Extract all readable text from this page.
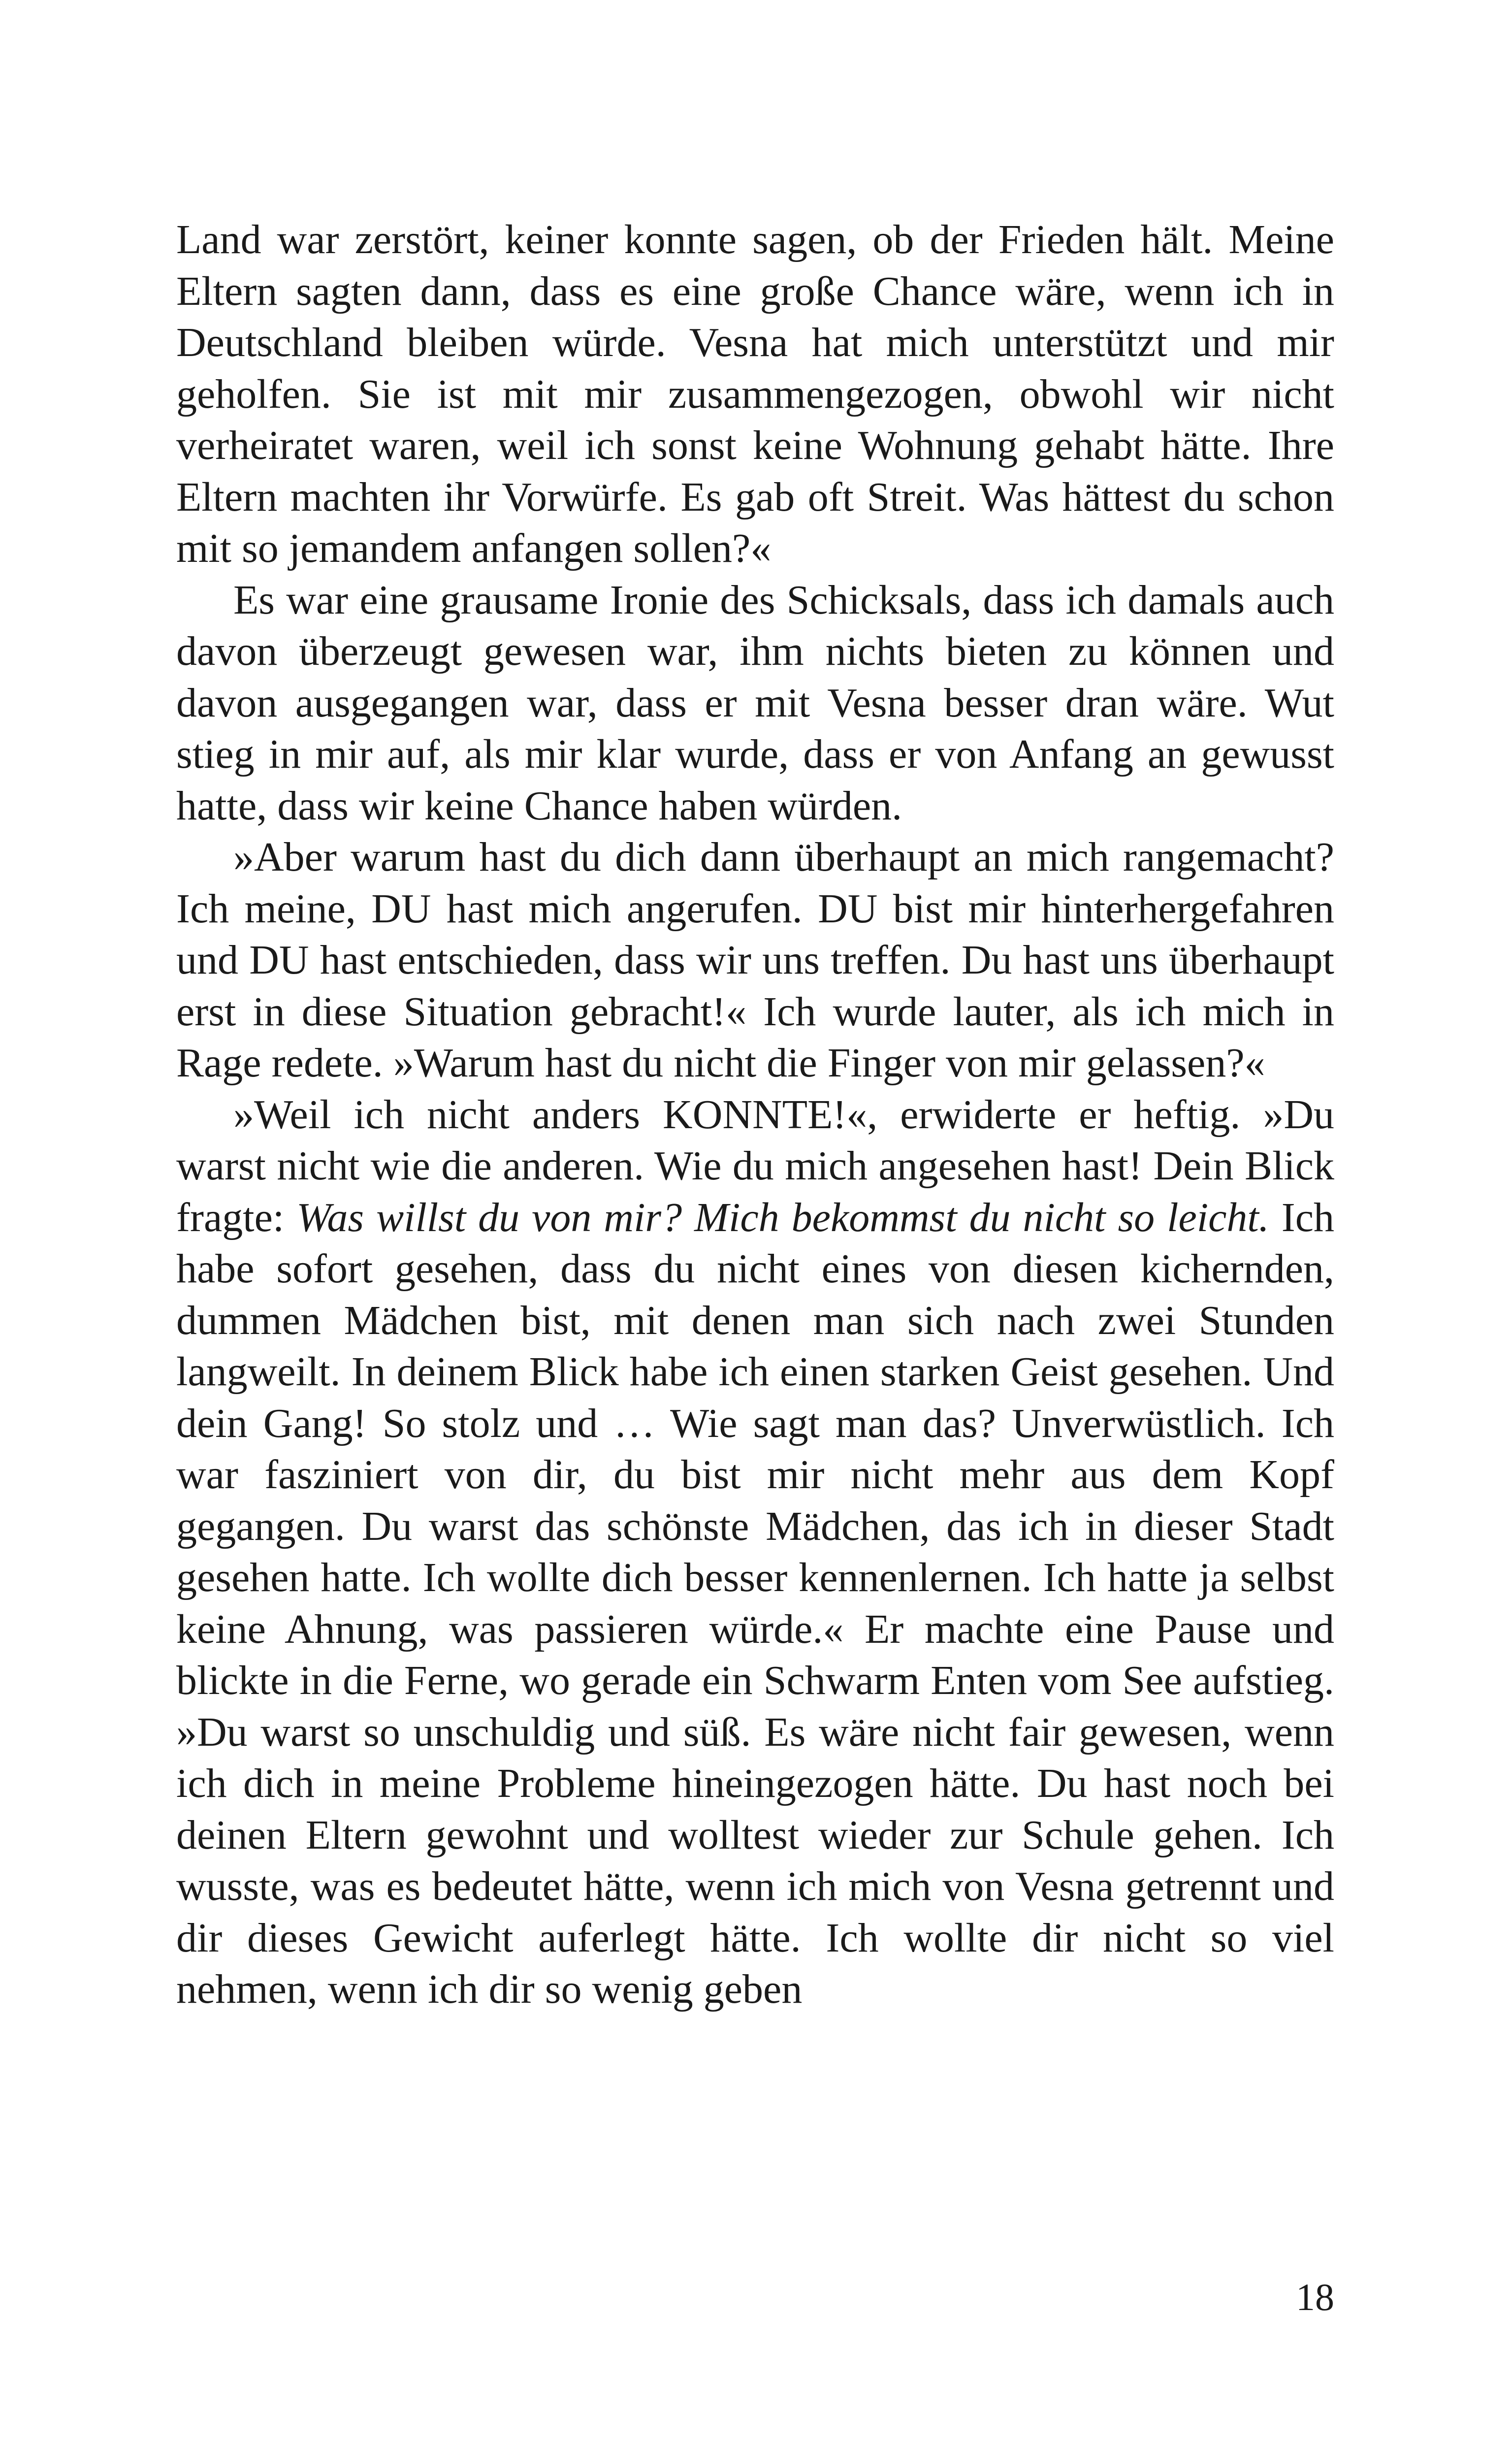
Land war zerstört, keiner konnte sagen, ob der Frieden hält. Meine Eltern sagten dann, dass es eine große Chance wäre, wenn ich in Deutschland bleiben würde. Vesna hat mich unterstützt und mir geholfen. Sie ist mit mir zusammengezogen, obwohl wir nicht verheiratet waren, weil ich sonst keine Wohnung gehabt hätte. Ihre Eltern machten ihr Vorwürfe. Es gab oft Streit. Was hättest du schon mit so jemandem anfangen sollen?«

Es war eine grausame Ironie des Schicksals, dass ich damals auch davon überzeugt gewesen war, ihm nichts bieten zu können und davon ausgegangen war, dass er mit Vesna besser dran wäre. Wut stieg in mir auf, als mir klar wurde, dass er von Anfang an gewusst hatte, dass wir keine Chance haben würden.

»Aber warum hast du dich dann überhaupt an mich rangemacht? Ich meine, DU hast mich angerufen. DU bist mir hinterhergefahren und DU hast entschieden, dass wir uns treffen. Du hast uns überhaupt erst in diese Situation gebracht!« Ich wurde lauter, als ich mich in Rage redete. »Warum hast du nicht die Finger von mir gelassen?«

»Weil ich nicht anders KONNTE!«, erwiderte er heftig. »Du warst nicht wie die anderen. Wie du mich angesehen hast! Dein Blick fragte: Was willst du von mir? Mich bekommst du nicht so leicht. Ich habe sofort gesehen, dass du nicht eines von diesen kichernden, dummen Mädchen bist, mit denen man sich nach zwei Stunden langweilt. In deinem Blick habe ich einen starken Geist gesehen. Und dein Gang! So stolz und … Wie sagt man das? Unverwüstlich. Ich war fasziniert von dir, du bist mir nicht mehr aus dem Kopf gegangen. Du warst das schönste Mädchen, das ich in dieser Stadt gesehen hatte. Ich wollte dich besser kennenlernen. Ich hatte ja selbst keine Ahnung, was passieren würde.« Er machte eine Pause und blickte in die Ferne, wo gerade ein Schwarm Enten vom See aufstieg. »Du warst so unschuldig und süß. Es wäre nicht fair gewesen, wenn ich dich in meine Probleme hineingezogen hätte. Du hast noch bei deinen Eltern gewohnt und wolltest wieder zur Schule gehen. Ich wusste, was es bedeutet hätte, wenn ich mich von Vesna getrennt und dir dieses Gewicht auferlegt hätte. Ich wollte dir nicht so viel nehmen, wenn ich dir so wenig geben

18
